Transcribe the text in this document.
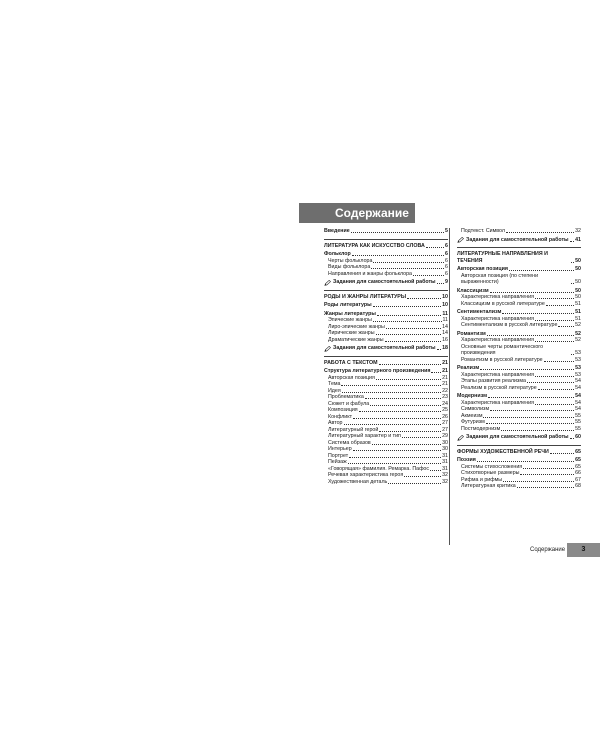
Содержание
Введение	5
ЛИТЕРАТУРА КАК ИСКУССТВО СЛОВА	6
Фольклор	6
Черты фольклора	6
Виды фольклора	6
Направления и жанры фольклора	6
Задания для самостоятельной работы 9
РОДЫ И ЖАНРЫ ЛИТЕРАТУРЫ	10
Роды литературы	10
Жанры литературы	11
Эпические жанры	11
Лиро-эпические жанры	14
Лирические жанры	14
Драматические жанры	16
Задания для самостоятельной работы 18
РАБОТА С ТЕКСТОМ	21
Структура литературного произведения 21
Авторская позиция	21
Тема	21
Идея	22
Проблематика	23
Сюжет и фабула	24
Композиция	25
Конфликт	26
Автор	27
Литературный герой	27
Литературный характер и тип	29
Система образов	30
Интерьер	30
Портрет	31
Пейзаж	31
«Говорящая» фамилия. Ремарка. Пафос 31
Речевая характеристика героя	32
Художественная деталь	32
Подтекст. Символ	32
Задания для самостоятельной работы 41
ЛИТЕРАТУРНЫЕ НАПРАВЛЕНИЯ И ТЕЧЕНИЯ	50
Авторская позиция	50
Авторская позиция (по степени выраженности)	50
Классицизм	50
Характеристика направления	50
Классицизм в русской литературе	51
Сентиментализм	51
Характеристика направления	51
Сентиментализм в русской литературе	52
Романтизм	52
Характеристика направления	52
Основные черты романтического произведения	53
Романтизм в русской литературе	53
Реализм	53
Характеристика направления	53
Этапы развития реализма	54
Реализм в русской литературе	54
Модернизм	54
Характеристика направления	54
Символизм	54
Акмеизм	55
Футуризм	55
Постмодернизм	55
Задания для самостоятельной работы 60
ФОРМЫ ХУДОЖЕСТВЕННОЙ РЕЧИ	65
Поэзия	65
Системы стихосложения	65
Стихотворные размеры	66
Рифма и рифмы	67
Литературная критика	68
Содержание	3
